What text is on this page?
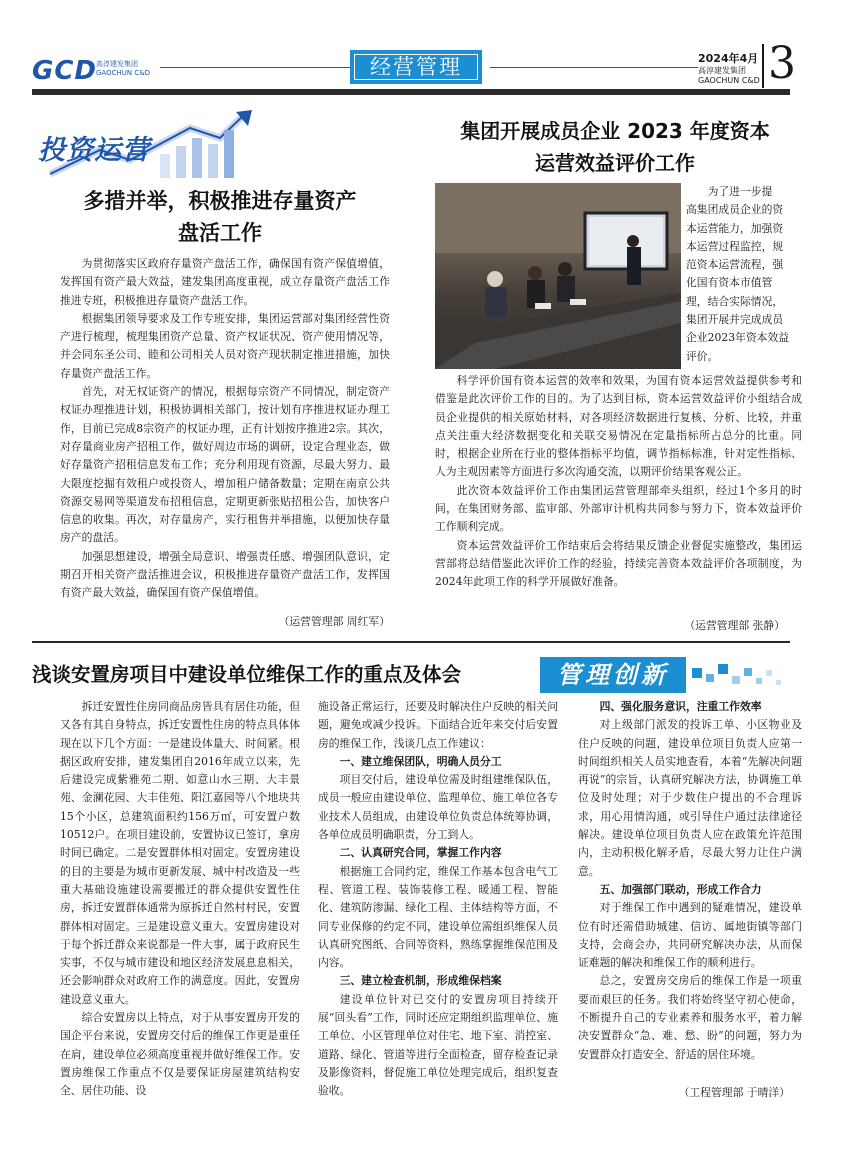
GCD
高淳建发集团
GAOCHUN C&D	经营管理	2024年4月
高淳建发集团
GAOCHUN C&D 3
投资运营
多措并举，积极推进存量资产
盘活工作

为贯彻落实区政府存量资产盘活工作，确保国有资产保值增值，发挥国有资产最大效益，建发集团高度重视，成立存量资产盘活工作推进专班，积极推进存量资产盘活工作。

根据集团领导要求及工作专班安排，集团运营部对集团经营性资产进行梳理，梳理集团资产总量、资产权证状况、资产使用情况等，并会同东圣公司、睦和公司相关人员对资产现状制定推进措施，加快存量资产盘活工作。

首先，对无权证资产的情况，根据每宗资产不同情况，制定资产权证办理推进计划，积极协调相关部门，按计划有序推进权证办理工作，目前已完成8宗资产的权证办理，正有计划按序推进2宗。其次，对存量商业房产招租工作，做好周边市场的调研，设定合理业态，做好存量资产招租信息发布工作；充分利用现有资源，尽最大努力、最大限度挖掘有效租户或投资人，增加租户储备数量；定期在南京公共资源交易网等渠道发布招租信息，定期更新张贴招租公告，加快客户信息的收集。再次，对存量房产，实行租售并举措施，以便加快存量房产的盘活。

加强思想建设，增强全局意识、增强责任感、增强团队意识，定期召开相关资产盘活推进会议，积极推进存量资产盘活工作，发挥国有资产最大效益，确保国有资产保值增值。

（运营管理部 周红军）
集团开展成员企业 2023 年度资本
运营效益评价工作
为了进一步提
高集团成员企业的资
本运营能力，加强资
本运营过程监控，规
范资本运营流程，强
化国有资本市值管
理，结合实际情况，
集团开展并完成成员
企业2023年资本效益
评价。

科学评价国有资本运营的效率和效果，为国有资本运营效益提供参考和借鉴是此次评价工作的目的。为了达到目标，资本运营效益评价小组结合成员企业提供的相关原始材料，对各项经济数据进行复核、分析、比较，并重点关注重大经济数据变化和关联交易情况在定量指标所占总分的比重。同时，根据企业所在行业的整体指标平均值，调节指标标准，针对定性指标、人为主观因素等方面进行多次沟通交流，以期评价结果客观公正。

此次资本效益评价工作由集团运营管理部牵头组织，经过1个多月的时间，在集团财务部、监审部、外部审计机构共同参与努力下，资本效益评价工作顺利完成。

资本运营效益评价工作结束后会将结果反馈企业督促实施整改，集团运营部将总结借鉴此次评价工作的经验，持续完善资本效益评价各项制度，为2024年此项工作的科学开展做好准备。

（运营管理部 张静）
浅谈安置房项目中建设单位维保工作的重点及体会	管理创新

拆迁安置性住房同商品房皆具有居住功能，但又各有其自身特点，拆迁安置性住房的特点具体体现在以下几个方面：一是建设体量大、时间紧。根据区政府安排，建发集团自2016年成立以来，先后建设完成紫雅苑二期、如意山水三期、大丰景苑、金澜花园、大丰佳苑、阳江嘉园等八个地块共15个小区，总建筑面积约156万㎡，可安置户数10512户。在项目建设前，安置协议已签订，拿房时间已确定。二是安置群体相对固定。安置房建设的目的主要是为城市更新发展、城中村改造及一些重大基础设施建设需要搬迁的群众提供安置性住房，拆迁安置群体通常为原拆迁自然村村民，安置群体相对固定。三是建设意义重大。安置房建设对于每个拆迁群众来说都是一件大事，属于政府民生实事，不仅与城市建设和地区经济发展息息相关，还会影响群众对政府工作的满意度。因此，安置房建设意义重大。

综合安置房以上特点，对于从事安置房开发的国企平台来说，安置房交付后的维保工作更是重任在肩，建设单位必须高度重视并做好维保工作。安置房维保工作重点不仅是要保证房屋建筑结构安全、居住功能、设

施设备正常运行，还要及时解决住户反映的相关问题，避免或减少投诉。下面结合近年来交付后安置房的维保工作，浅谈几点工作建议：

一、建立维保团队，明确人员分工

项目交付后，建设单位需及时组建维保队伍，成员一般应由建设单位、监理单位、施工单位各专业技术人员组成，由建设单位负责总体统筹协调，各单位成员明确职责，分工到人。

二、认真研究合同，掌握工作内容

根据施工合同约定，维保工作基本包含电气工程、管道工程、装饰装修工程、暖通工程、智能化、建筑防渗漏、绿化工程、主体结构等方面，不同专业保修的约定不同，建设单位需组织维保人员认真研究图纸、合同等资料，熟练掌握维保范围及内容。

三、建立检查机制，形成维保档案

建设单位针对已交付的安置房项目持续开展“回头看”工作，同时还应定期组织监理单位、施工单位、小区管理单位对住宅、地下室、消控室、道路、绿化、管道等进行全面检查，留存检查记录及影像资料，督促施工单位处理完成后，组织复查验收。

四、强化服务意识，注重工作效率

对上级部门派发的投诉工单、小区物业及住户反映的问题，建设单位项目负责人应第一时间组织相关人员实地查看，本着“先解决问题再说”的宗旨，认真研究解决方法，协调施工单位及时处理；对于少数住户提出的不合理诉求，用心用情沟通，或引导住户通过法律途径解决。建设单位项目负责人应在政策允许范围内，主动积极化解矛盾，尽最大努力让住户满意。

五、加强部门联动，形成工作合力

对于维保工作中遇到的疑难情况，建设单位有时还需借助城建、信访、属地街镇等部门支持，会商会办，共同研究解决办法，从而保证难题的解决和维保工作的顺利进行。

总之，安置房交房后的维保工作是一项重要而艰巨的任务。我们将始终坚守初心使命，不断提升自己的专业素养和服务水平，着力解决安置群众“急、难、愁、盼”的问题，努力为安置群众打造安全、舒适的居住环境。

（工程管理部 于晴洋）
